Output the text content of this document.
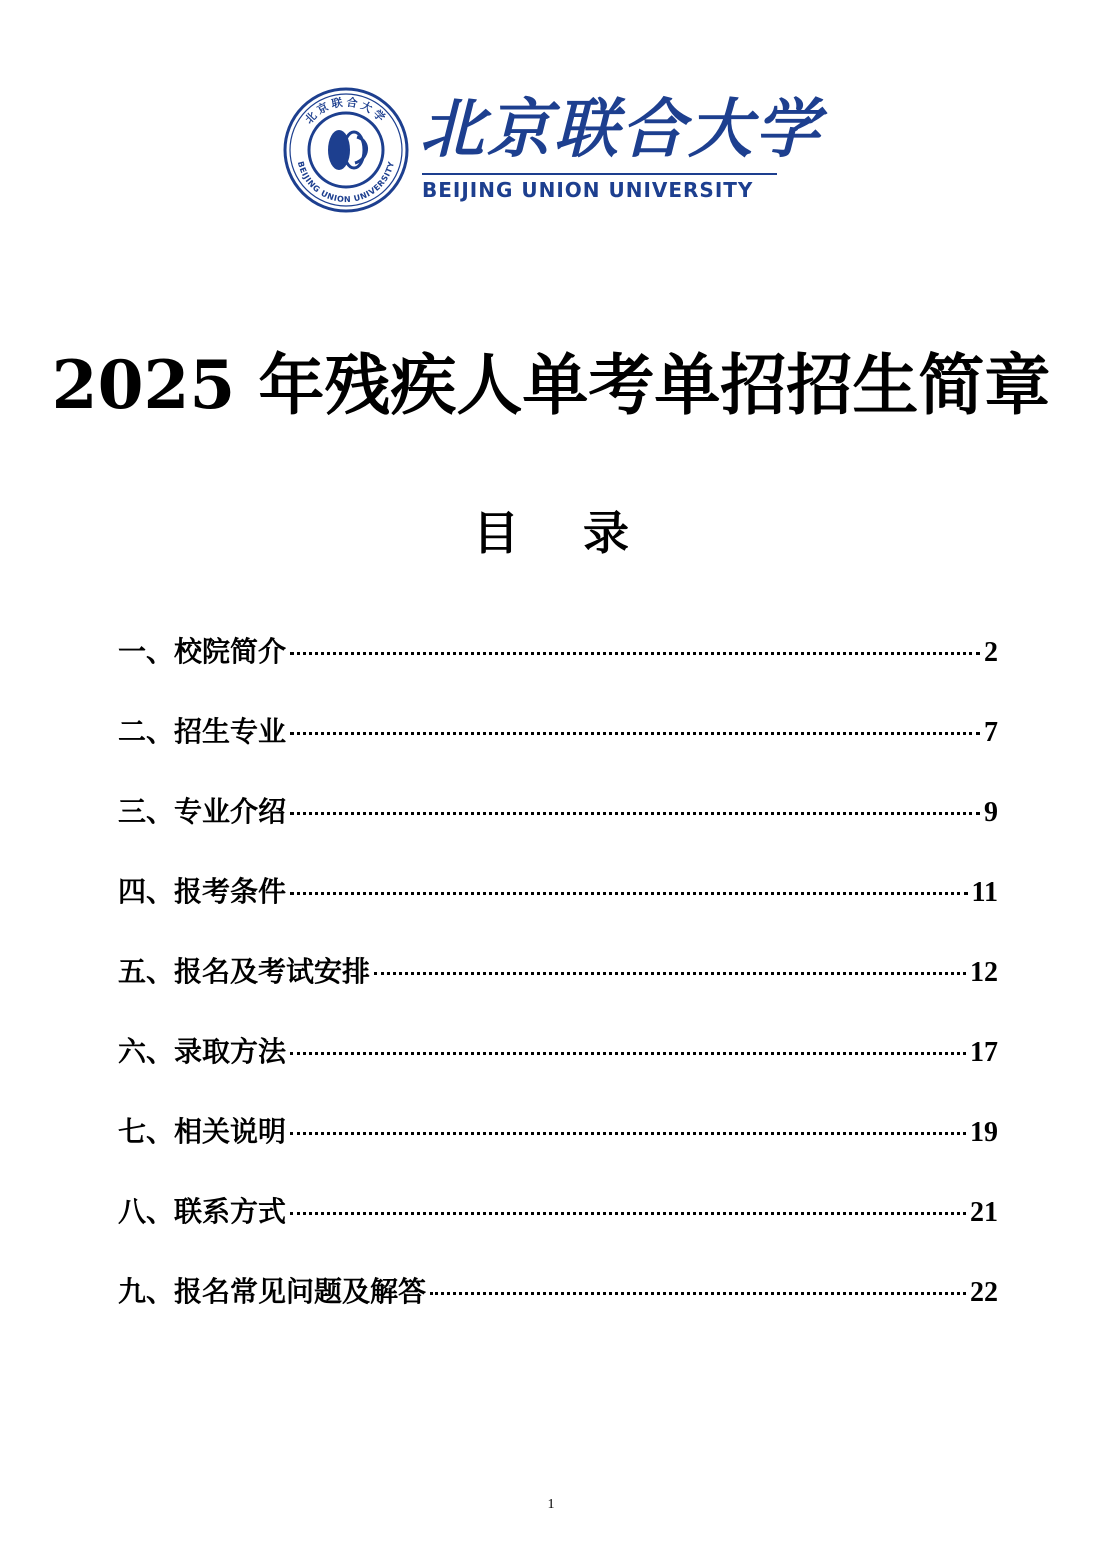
北京联合大学
BEIJING UNION UNIVERSITY 北京联合大学
BEIJING UNION UNIVERSITY
2025 年残疾人单考单招招生简章
目    录
一、校院简介	2
二、招生专业	7
三、专业介绍	9
四、报考条件	11
五、报名及考试安排	12
六、录取方法	17
七、相关说明	19
八、联系方式	21
九、报名常见问题及解答	22
1
